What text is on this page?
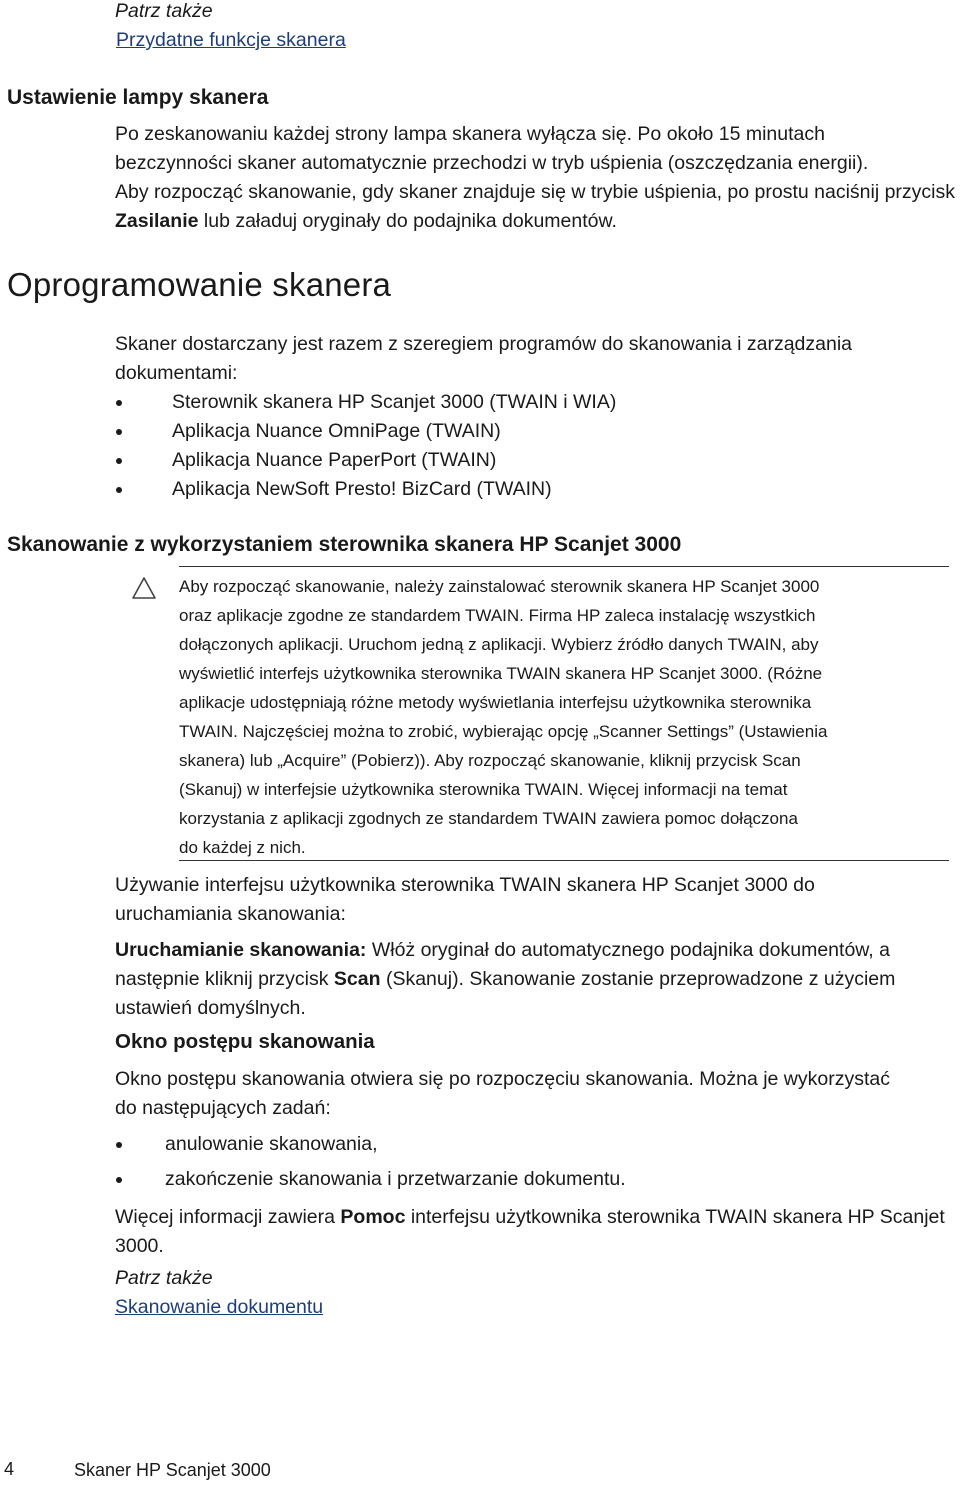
Patrz także
Przydatne funkcje skanera
Ustawienie lampy skanera
Po zeskanowaniu każdej strony lampa skanera wyłącza się. Po około 15 minutach bezczynności skaner automatycznie przechodzi w tryb uśpienia (oszczędzania energii).
Aby rozpocząć skanowanie, gdy skaner znajduje się w trybie uśpienia, po prostu naciśnij przycisk Zasilanie lub załaduj oryginały do podajnika dokumentów.
Oprogramowanie skanera
Skaner dostarczany jest razem z szeregiem programów do skanowania i zarządzania dokumentami:
Sterownik skanera HP Scanjet 3000 (TWAIN i WIA)
Aplikacja Nuance OmniPage (TWAIN)
Aplikacja Nuance PaperPort (TWAIN)
Aplikacja NewSoft Presto! BizCard (TWAIN)
Skanowanie z wykorzystaniem sterownika skanera HP Scanjet 3000
Aby rozpocząć skanowanie, należy zainstalować sterownik skanera HP Scanjet 3000
oraz aplikacje zgodne ze standardem TWAIN. Firma HP zaleca instalację wszystkich
dołączonych aplikacji. Uruchom jedną z aplikacji. Wybierz źródło danych TWAIN, aby
wyświetlić interfejs użytkownika sterownika TWAIN skanera HP Scanjet 3000. (Różne
aplikacje udostępniają różne metody wyświetlania interfejsu użytkownika sterownika
TWAIN. Najczęściej można to zrobić, wybierając opcję „Scanner Settings” (Ustawienia
skanera) lub „Acquire” (Pobierz)). Aby rozpocząć skanowanie, kliknij przycisk Scan
(Skanuj) w interfejsie użytkownika sterownika TWAIN. Więcej informacji na temat
korzystania z aplikacji zgodnych ze standardem TWAIN zawiera pomoc dołączona
do każdej z nich.
Używanie interfejsu użytkownika sterownika TWAIN skanera HP Scanjet 3000 do uruchamiania skanowania:
Uruchamianie skanowania: Włóż oryginał do automatycznego podajnika dokumentów, a następnie kliknij przycisk Scan (Skanuj). Skanowanie zostanie przeprowadzone z użyciem ustawień domyślnych.
Okno postępu skanowania
Okno postępu skanowania otwiera się po rozpoczęciu skanowania. Można je wykorzystać do następujących zadań:
anulowanie skanowania,
zakończenie skanowania i przetwarzanie dokumentu.
Więcej informacji zawiera Pomoc interfejsu użytkownika sterownika TWAIN skanera HP Scanjet 3000.
Patrz także
Skanowanie dokumentu
4	Skaner HP Scanjet 3000
